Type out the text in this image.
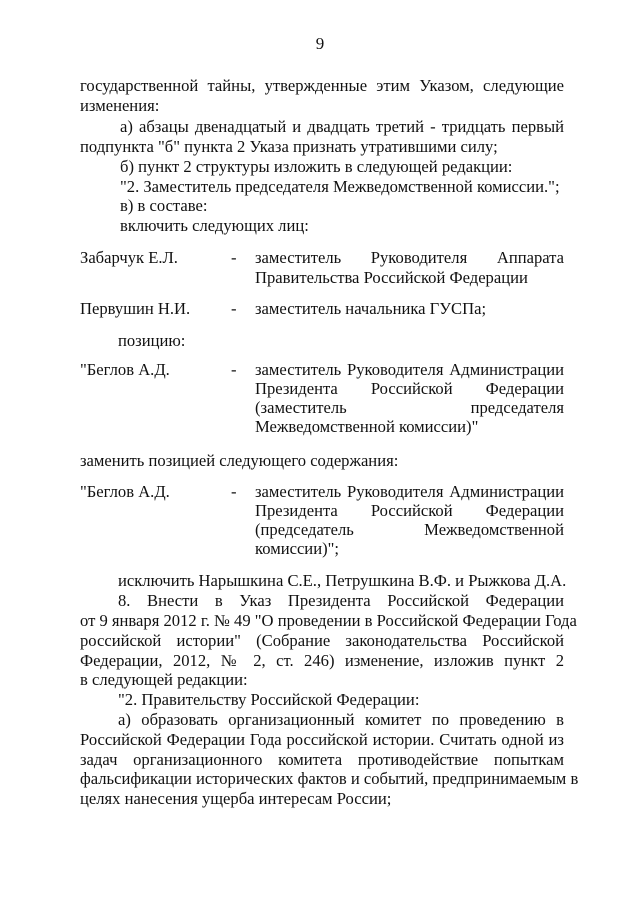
9
государственной тайны, утвержденные этим Указом, следующие
изменения:
а) абзацы двенадцатый и двадцать третий - тридцать первый
подпункта "б" пункта 2 Указа признать утратившими силу;
б) пункт 2 структуры изложить в следующей редакции:
"2. Заместитель председателя Межведомственной комиссии.";
в) в составе:
включить следующих лиц:
Забарчук Е.Л.	- заместитель Руководителя Аппарата
Правительства Российской Федерации
Первушин Н.И. - заместитель начальника ГУСПа;
позицию:
"Беглов А.Д.	- заместитель Руководителя Администрации
Президента Российской Федерации
(заместитель председателя
Межведомственной комиссии)"
заменить позицией следующего содержания:
"Беглов А.Д.	- заместитель Руководителя Администрации
Президента Российской Федерации
(председатель Межведомственной
комиссии)";
исключить Нарышкина С.Е., Петрушкина В.Ф. и Рыжкова Д.А.
8. Внести в Указ Президента Российской Федерации
от 9 января 2012 г. № 49 "О проведении в Российской Федерации Года
российской истории" (Собрание законодательства Российской
Федерации, 2012, № 2, ст. 246) изменение, изложив пункт 2
в следующей редакции:
"2. Правительству Российской Федерации:
а) образовать организационный комитет по проведению в
Российской Федерации Года российской истории. Считать одной из
задач организационного комитета противодействие попыткам
фальсификации исторических фактов и событий, предпринимаемым в
целях нанесения ущерба интересам России;
